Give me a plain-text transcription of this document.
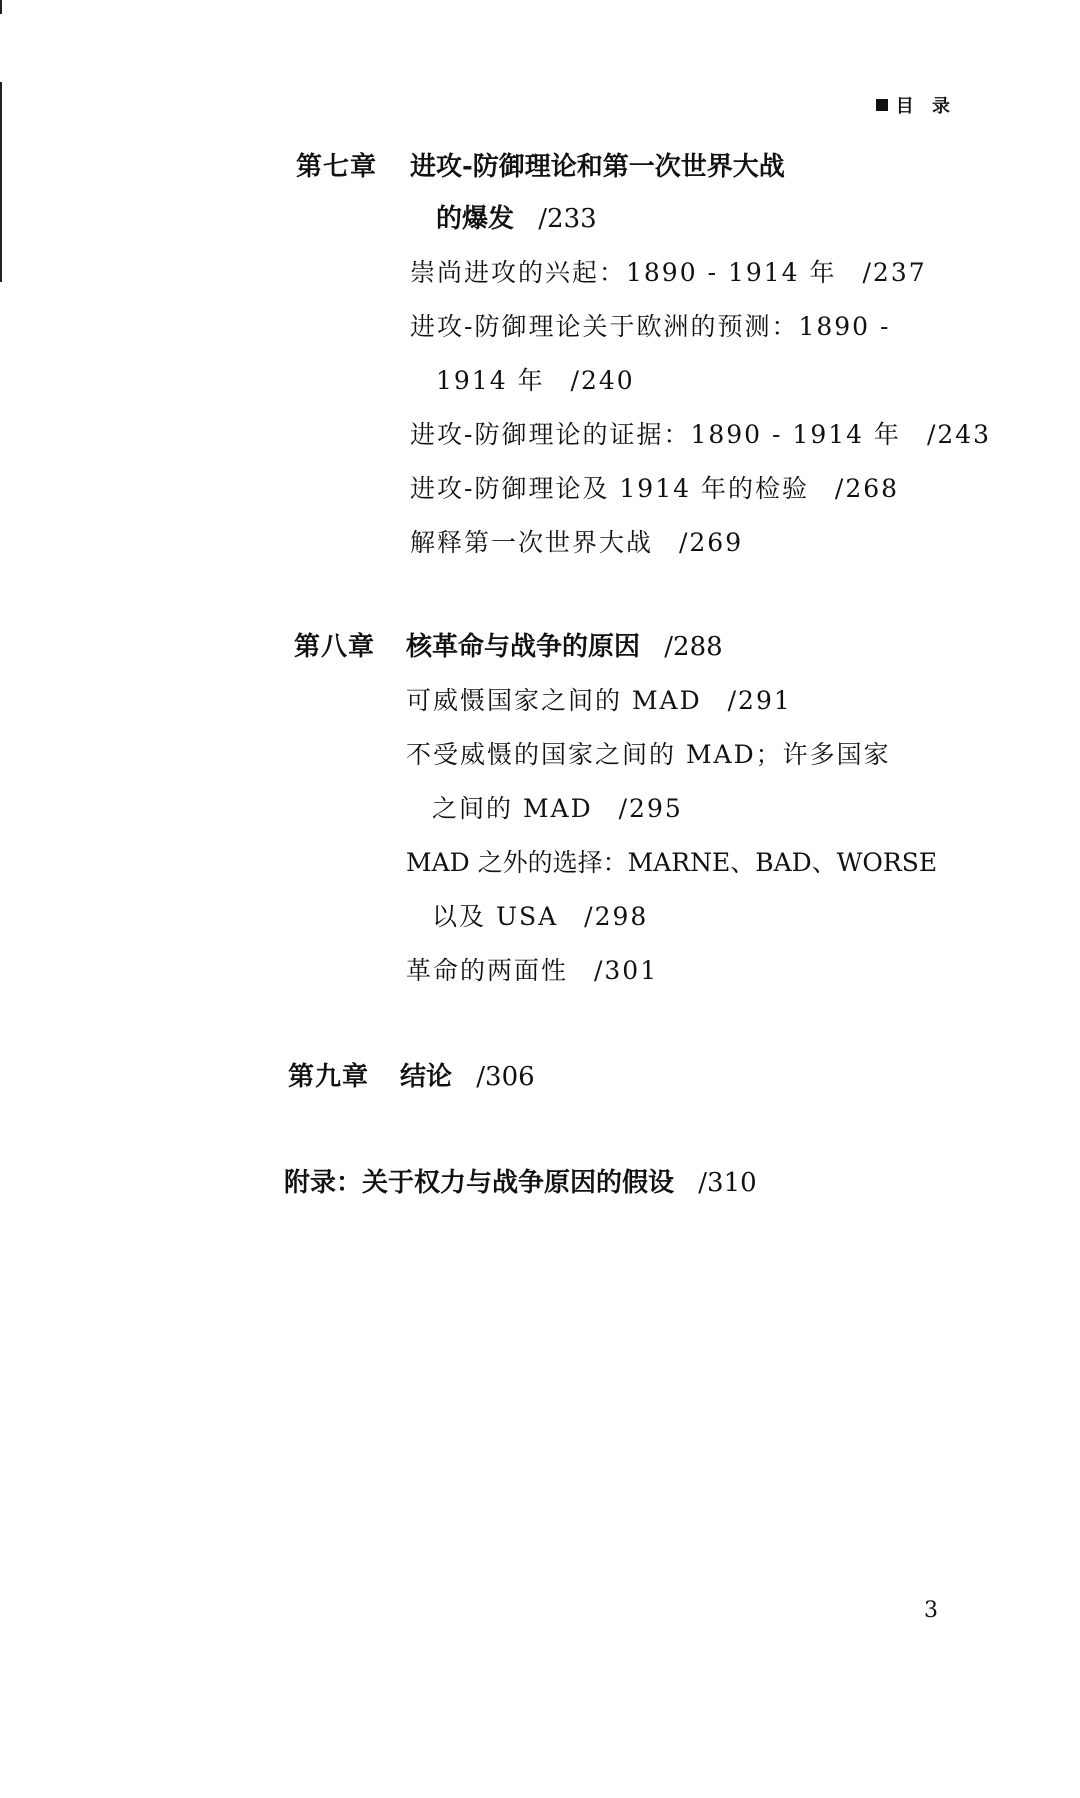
目 录
第七章 进攻-防御理论和第一次世界大战
的爆发 /233
崇尚进攻的兴起：1890 - 1914 年 /237
进攻-防御理论关于欧洲的预测：1890 -
1914 年 /240
进攻-防御理论的证据：1890 - 1914 年 /243
进攻-防御理论及 1914 年的检验 /268
解释第一次世界大战 /269
第八章 核革命与战争的原因 /288
可威慑国家之间的 MAD /291
不受威慑的国家之间的 MAD；许多国家
之间的 MAD /295
MAD 之外的选择：MARNE、BAD、WORSE
以及 USA /298
革命的两面性 /301
第九章 结论 /306
附录：关于权力与战争原因的假设 /310
3
